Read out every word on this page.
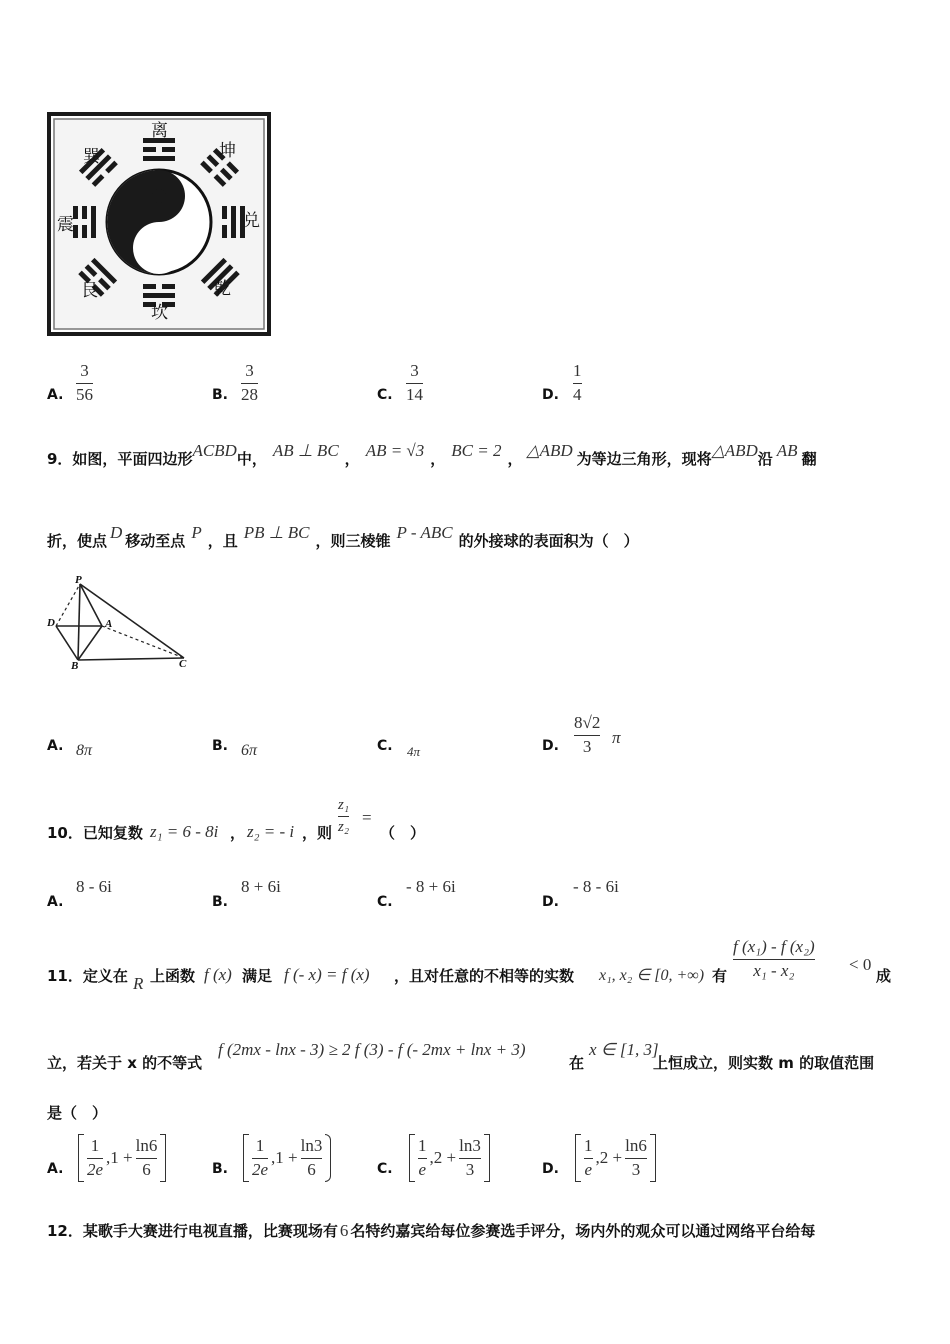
离
巽	坤
震	兑
艮	乾
坎
A.
3
56	B.
3
28	C.
3
14	D.
1
4
9．如图，平面四边形 ACBD 中， AB ⊥ BC ， AB = √3 ， BC = 2 ， △ABD 为等边三角形，现将 △ABD 沿 AB 翻
折，使点 D 移动至点 P ，且 PB ⊥ BC ，则三棱锥 P - ABC 的外接球的表面积为（　）
P
D	A
B	C
A. 8π	B. 6π	C. 4π	D.
8√2
3 π
10．已知复数 z₁ = 6 - 8i ， z₂ = - i ，则
z₁
z₂ =
（　）
A.
8 - 6i
B.
8 + 6i
C.
- 8 + 6i
D.
- 8 - 6i
11．定义在 R 上函数 f (x) 满足 f (- x) = f (x) ，且对任意的不相等的实数 x₁, x₂ ∈ [0, +∞) 有
f (x₁) - f (x₂)
x₁ - x₂	< 0
成
立，若关于 x 的不等式
f (2mx - lnx - 3) ≥ 2 f (3) - f (- 2mx + lnx + 3)
在
x ∈ [1, 3]
上恒成立，则实数 m 的取值范围
是（　）
A. $\frac{1}{2e} ,1 + \frac{\ln 6}{6}$	B. $\frac{1}{2e} ,1 + \frac{\ln 3}{6}$	C. $\frac{1}{e} ,2 + \frac{\ln 3}{3}$	D. $\frac{1}{e} ,2 + \frac{\ln 6}{3}$
12．某歌手大赛进行电视直播，比赛现场有 6 名特约嘉宾给每位参赛选手评分，场内外的观众可以通过网络平台给每
